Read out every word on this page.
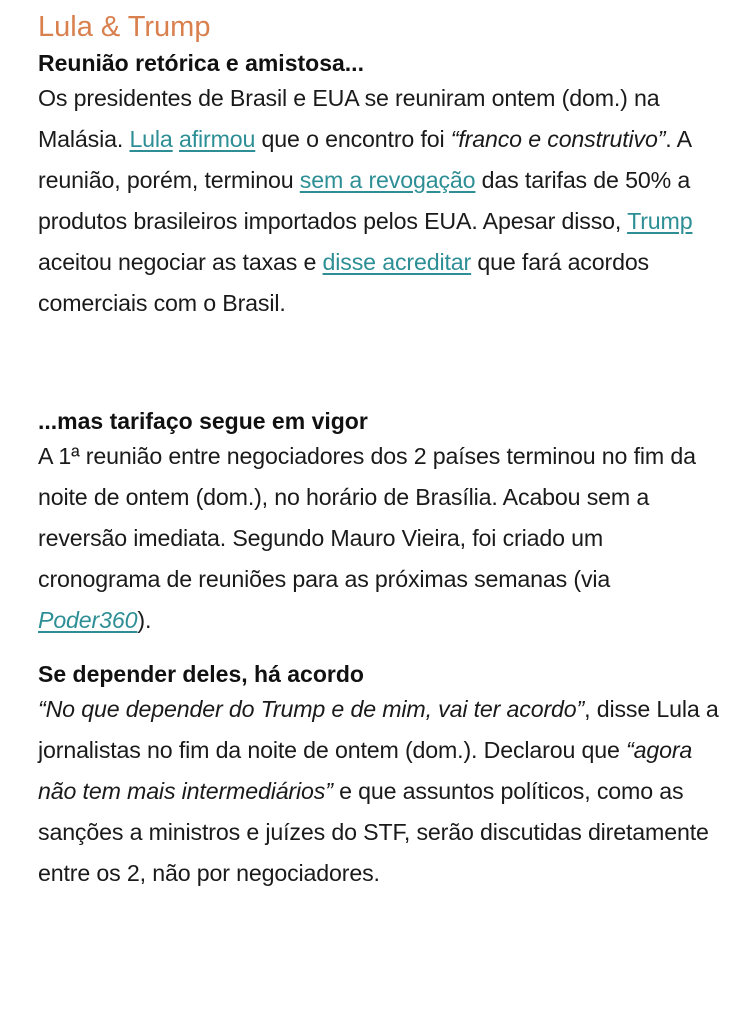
Lula & Trump
Reunião retórica e amistosa...

Os presidentes de Brasil e EUA se reuniram ontem (dom.) na Malásia. Lula afirmou que o encontro foi “franco e construtivo”. A reunião, porém, terminou sem a revogação das tarifas de 50% a produtos brasileiros importados pelos EUA. Apesar disso, Trump aceitou negociar as taxas e disse acreditar que fará acordos comerciais com o Brasil.

...mas tarifaço segue em vigor

A 1ª reunião entre negociadores dos 2 países terminou no fim da noite de ontem (dom.), no horário de Brasília. Acabou sem a reversão imediata. Segundo Mauro Vieira, foi criado um cronograma de reuniões para as próximas semanas (via Poder360).

Se depender deles, há acordo

“No que depender do Trump e de mim, vai ter acordo”, disse Lula a jornalistas no fim da noite de ontem (dom.). Declarou que “agora não tem mais intermediários” e que assuntos políticos, como as sanções a ministros e juízes do STF, serão discutidas diretamente entre os 2, não por negociadores.
